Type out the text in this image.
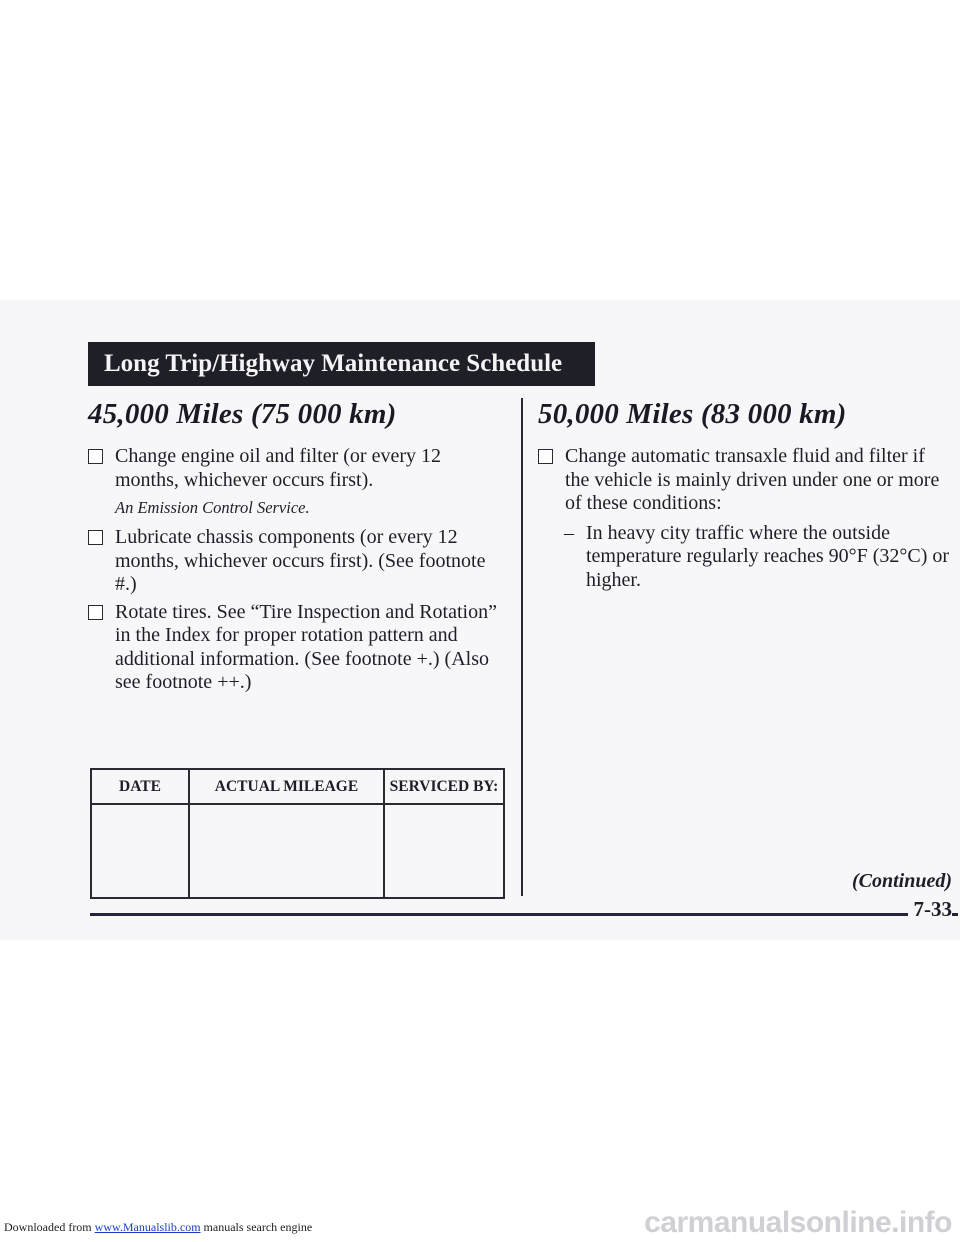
Long Trip/Highway Maintenance Schedule
45,000 Miles (75 000 km)
Change engine oil and filter (or every 12 months, whichever occurs first).
An Emission Control Service.
Lubricate chassis components (or every 12 months, whichever occurs first). (See footnote #.)
Rotate tires. See “Tire Inspection and Rotation” in the Index for proper rotation pattern and additional information. (See footnote +.) (Also see footnote ++.)
50,000 Miles (83 000 km)
Change automatic transaxle fluid and filter if the vehicle is mainly driven under one or more of these conditions:
– In heavy city traffic where the outside temperature regularly reaches 90°F (32°C) or higher.
DATE	ACTUAL MILEAGE	SERVICED BY:

(Continued)
7-33
Downloaded from www.Manualslib.com manuals search engine	carmanualsonline.info
